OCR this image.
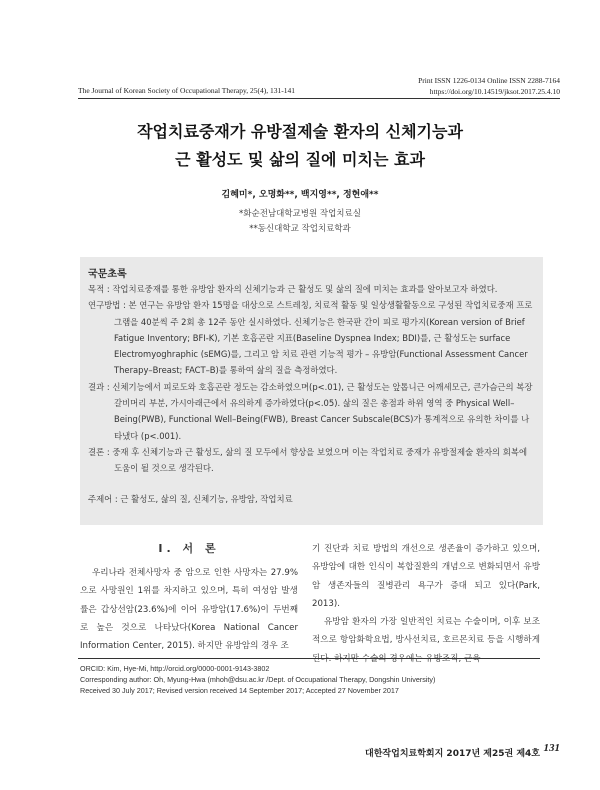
Print ISSN 1226-0134 Online ISSN 2288-7164
https://doi.org/10.14519/jksot.2017.25.4.10
The Journal of Korean Society of Occupational Therapy, 25(4), 131-141
작업치료중재가 유방절제술 환자의 신체기능과
근 활성도 및 삶의 질에 미치는 효과
김혜미*, 오명화**, 백지영**, 정현애**
*화순전남대학교병원 작업치료실
**동신대학교 작업치료학과
국문초록

목적 : 작업치료중재를 통한 유방암 환자의 신체기능과 근 활성도 및 삶의 질에 미치는 효과를 알아보고자 하였다.

연구방법 : 본 연구는 유방암 환자 15명을 대상으로 스트레칭, 치료적 활동 및 일상생활활동으로 구성된 작업치료중재 프로그램을 40분씩 주 2회 총 12주 동안 실시하였다. 신체기능은 한국판 간이 피로 평가지(Korean version of Brief Fatigue Inventory; BFI-K), 기본 호흡곤란 지표(Baseline Dyspnea Index; BDI)를, 근 활성도는 surface Electromyoghraphic (sEMG)를, 그리고 암 치료 관련 기능적 평가 – 유방암(Functional Assessment Cancer Therapy–Breast; FACT–B)를 통하여 삶의 질을 측정하였다.

결과 : 신체기능에서 피로도와 호흡곤란 정도는 감소하였으며(p<.01), 근 활성도는 앞톱니근 어깨세모근, 큰가슴근의 복장갈비머리 부분, 가시아래근에서 유의하게 증가하였다(p<.05). 삶의 질은 총점과 하위 영역 중 Physical Well–Being(PWB), Functional Well–Being(FWB), Breast Cancer Subscale(BCS)가 통계적으로 유의한 차이를 나타냈다 (p<.001).

결론 : 중재 후 신체기능과 근 활성도, 삶의 질 모두에서 향상을 보였으며 이는 작업치료 중재가 유방절제술 환자의 회복에 도움이 될 것으로 생각된다.

주제어 : 근 활성도, 삶의 질, 신체기능, 유방암, 작업치료
Ⅰ. 서 론

우리나라 전체사망자 중 암으로 인한 사망자는 27.9%으로 사망원인 1위를 차지하고 있으며, 특히 여성암 발생률은 갑상선암(23.6%)에 이어 유방암(17.6%)이 두번째로 높은 것으로 나타났다(Korea National Cancer Information Center, 2015). 하지만 유방암의 경우 조

기 진단과 치료 방법의 개선으로 생존율이 증가하고 있으며, 유방암에 대한 인식이 복합질환의 개념으로 변화되면서 유방암 생존자들의 질병관리 욕구가 증대 되고 있다(Park, 2013).

유방암 환자의 가장 일반적인 치료는 수술이며, 이후 보조적으로 항암화학요법, 방사선치료, 호르몬치료 등을 시행하게 된다. 하지만 수술의 경우에는 유방조직, 근육

ORCID: Kim, Hye-Mi, http://orcid.org/0000-0001-9143-3802
Corresponding author: Oh, Myung-Hwa (mhoh@dsu.ac.kr /Dept. of Occupational Therapy, Dongshin University)
Received 30 July 2017; Revised version received 14 September 2017; Accepted 27 November 2017
대한작업치료학회지 2017년 제25권 제4호 131
